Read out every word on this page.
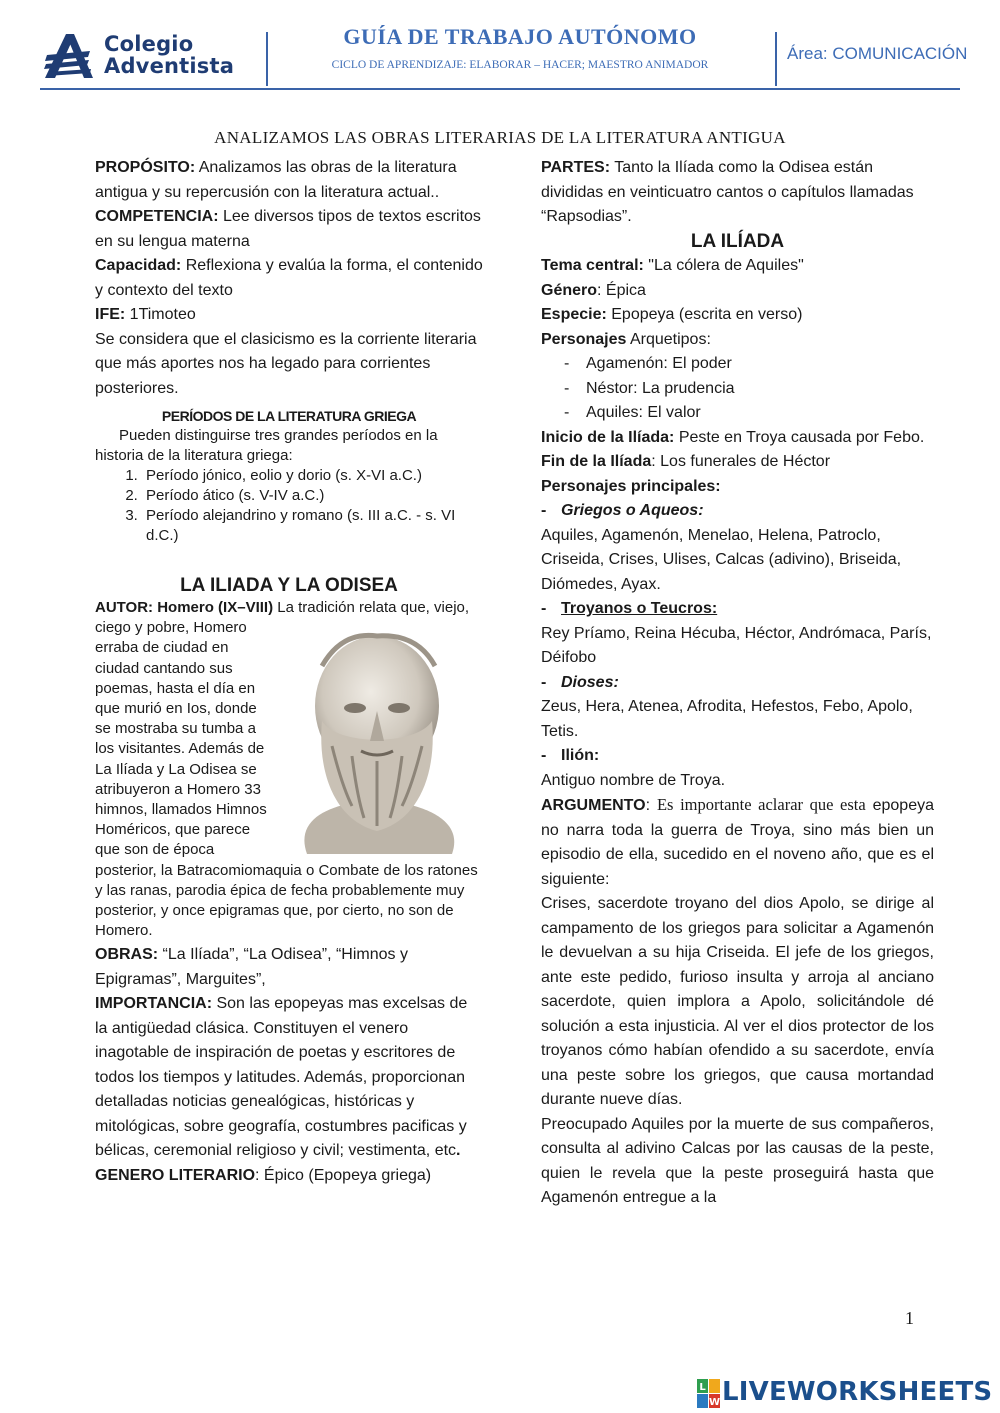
Colegio
Adventista
GUÍA DE TRABAJO AUTÓNOMO
CICLO DE APRENDIZAJE: ELABORAR – HACER; MAESTRO ANIMADOR
Área: COMUNICACIÓN
ANALIZAMOS LAS OBRAS LITERARIAS DE LA LITERATURA ANTIGUA

PROPÓSITO: Analizamos las obras de la literatura antigua y su repercusión con la literatura actual..

COMPETENCIA: Lee diversos tipos de textos escritos en su lengua materna

Capacidad: Reflexiona y evalúa la forma, el contenido y contexto del texto

IFE: 1Timoteo

Se considera que el clasicismo es la corriente literaria que más aportes nos ha legado para corrientes posteriores.

PERÍODOS DE LA LITERATURA GRIEGA

Pueden distinguirse tres grandes períodos en la historia de la literatura griega:

1. Período jónico, eolio y dorio (s. X-VI a.C.)
2. Período ático (s. V-IV a.C.)
3. Período alejandrino y romano (s. III a.C. - s. VI d.C.)
LA ILIADA Y LA ODISEA

AUTOR: Homero (IX–VIII)
La tradición relata que, viejo, ciego y pobre, Homero erraba de ciudad en ciudad cantando sus poemas, hasta el día en que murió en Ios, donde se mostraba su tumba a los visitantes. Además de La Ilíada y La Odisea se atribuyeron a Homero 33 himnos, llamados Himnos Homéricos, que parece que son de época posterior, la Batracomiomaquia o Combate de los ratones y las ranas, parodia épica de fecha probablemente muy posterior, y once epigramas que, por cierto, no son de Homero.

OBRAS: “La Ilíada”, “La Odisea”, “Himnos y Epigramas”, Marguites”,

IMPORTANCIA: Son las epopeyas mas excelsas de la antigüedad clásica. Constituyen el venero inagotable de inspiración de poetas y escritores de todos los tiempos y latitudes. Además, proporcionan detalladas noticias genealógicas, históricas y mitológicas, sobre geografía, costumbres pacificas y bélicas, ceremonial religioso y civil; vestimenta, etc.

GENERO LITERARIO: Épico (Epopeya griega)

PARTES: Tanto la Ilíada como la Odisea están divididas en veinticuatro cantos o capítulos llamadas “Rapsodias”.

LA ILÍADA

Tema central: "La cólera de Aquiles"

Género: Épica

Especie: Epopeya (escrita en verso)

Personajes Arquetipos:

- Agamenón: El poder
- Néstor: La prudencia
- Aquiles: El valor

Inicio de la Ilíada: Peste en Troya causada por Febo.

Fin de la Ilíada: Los funerales de Héctor

Personajes principales:

- Griegos o Aqueos:

Aquiles, Agamenón, Menelao, Helena, Patroclo, Criseida, Crises, Ulises, Calcas (adivino), Briseida, Diómedes, Ayax.

- Troyanos o Teucros:

Rey Príamo, Reina Hécuba, Héctor, Andrómaca, París, Déifobo

- Dioses:

Zeus, Hera, Atenea, Afrodita, Hefestos, Febo, Apolo, Tetis.

- Ilión:

Antiguo nombre de Troya.

ARGUMENTO: Es importante aclarar que esta epopeya no narra toda la guerra de Troya, sino más bien un episodio de ella, sucedido en el noveno año, que es el siguiente:

Crises, sacerdote troyano del dios Apolo, se dirige al campamento de los griegos para solicitar a Agamenón le devuelvan a su hija Criseida. El jefe de los griegos, ante este pedido, furioso insulta y arroja al anciano sacerdote, quien implora a Apolo, solicitándole dé solución a esta injusticia. Al ver el dios protector de los troyanos cómo habían ofendido a su sacerdote, envía una peste sobre los griegos, que causa mortandad durante nueve días.

Preocupado Aquiles por la muerte de sus compañeros, consulta al adivino Calcas por las causas de la peste, quien le revela que la peste proseguirá hasta que Agamenón entregue a la

1
L
W LIVEWORKSHEETS
